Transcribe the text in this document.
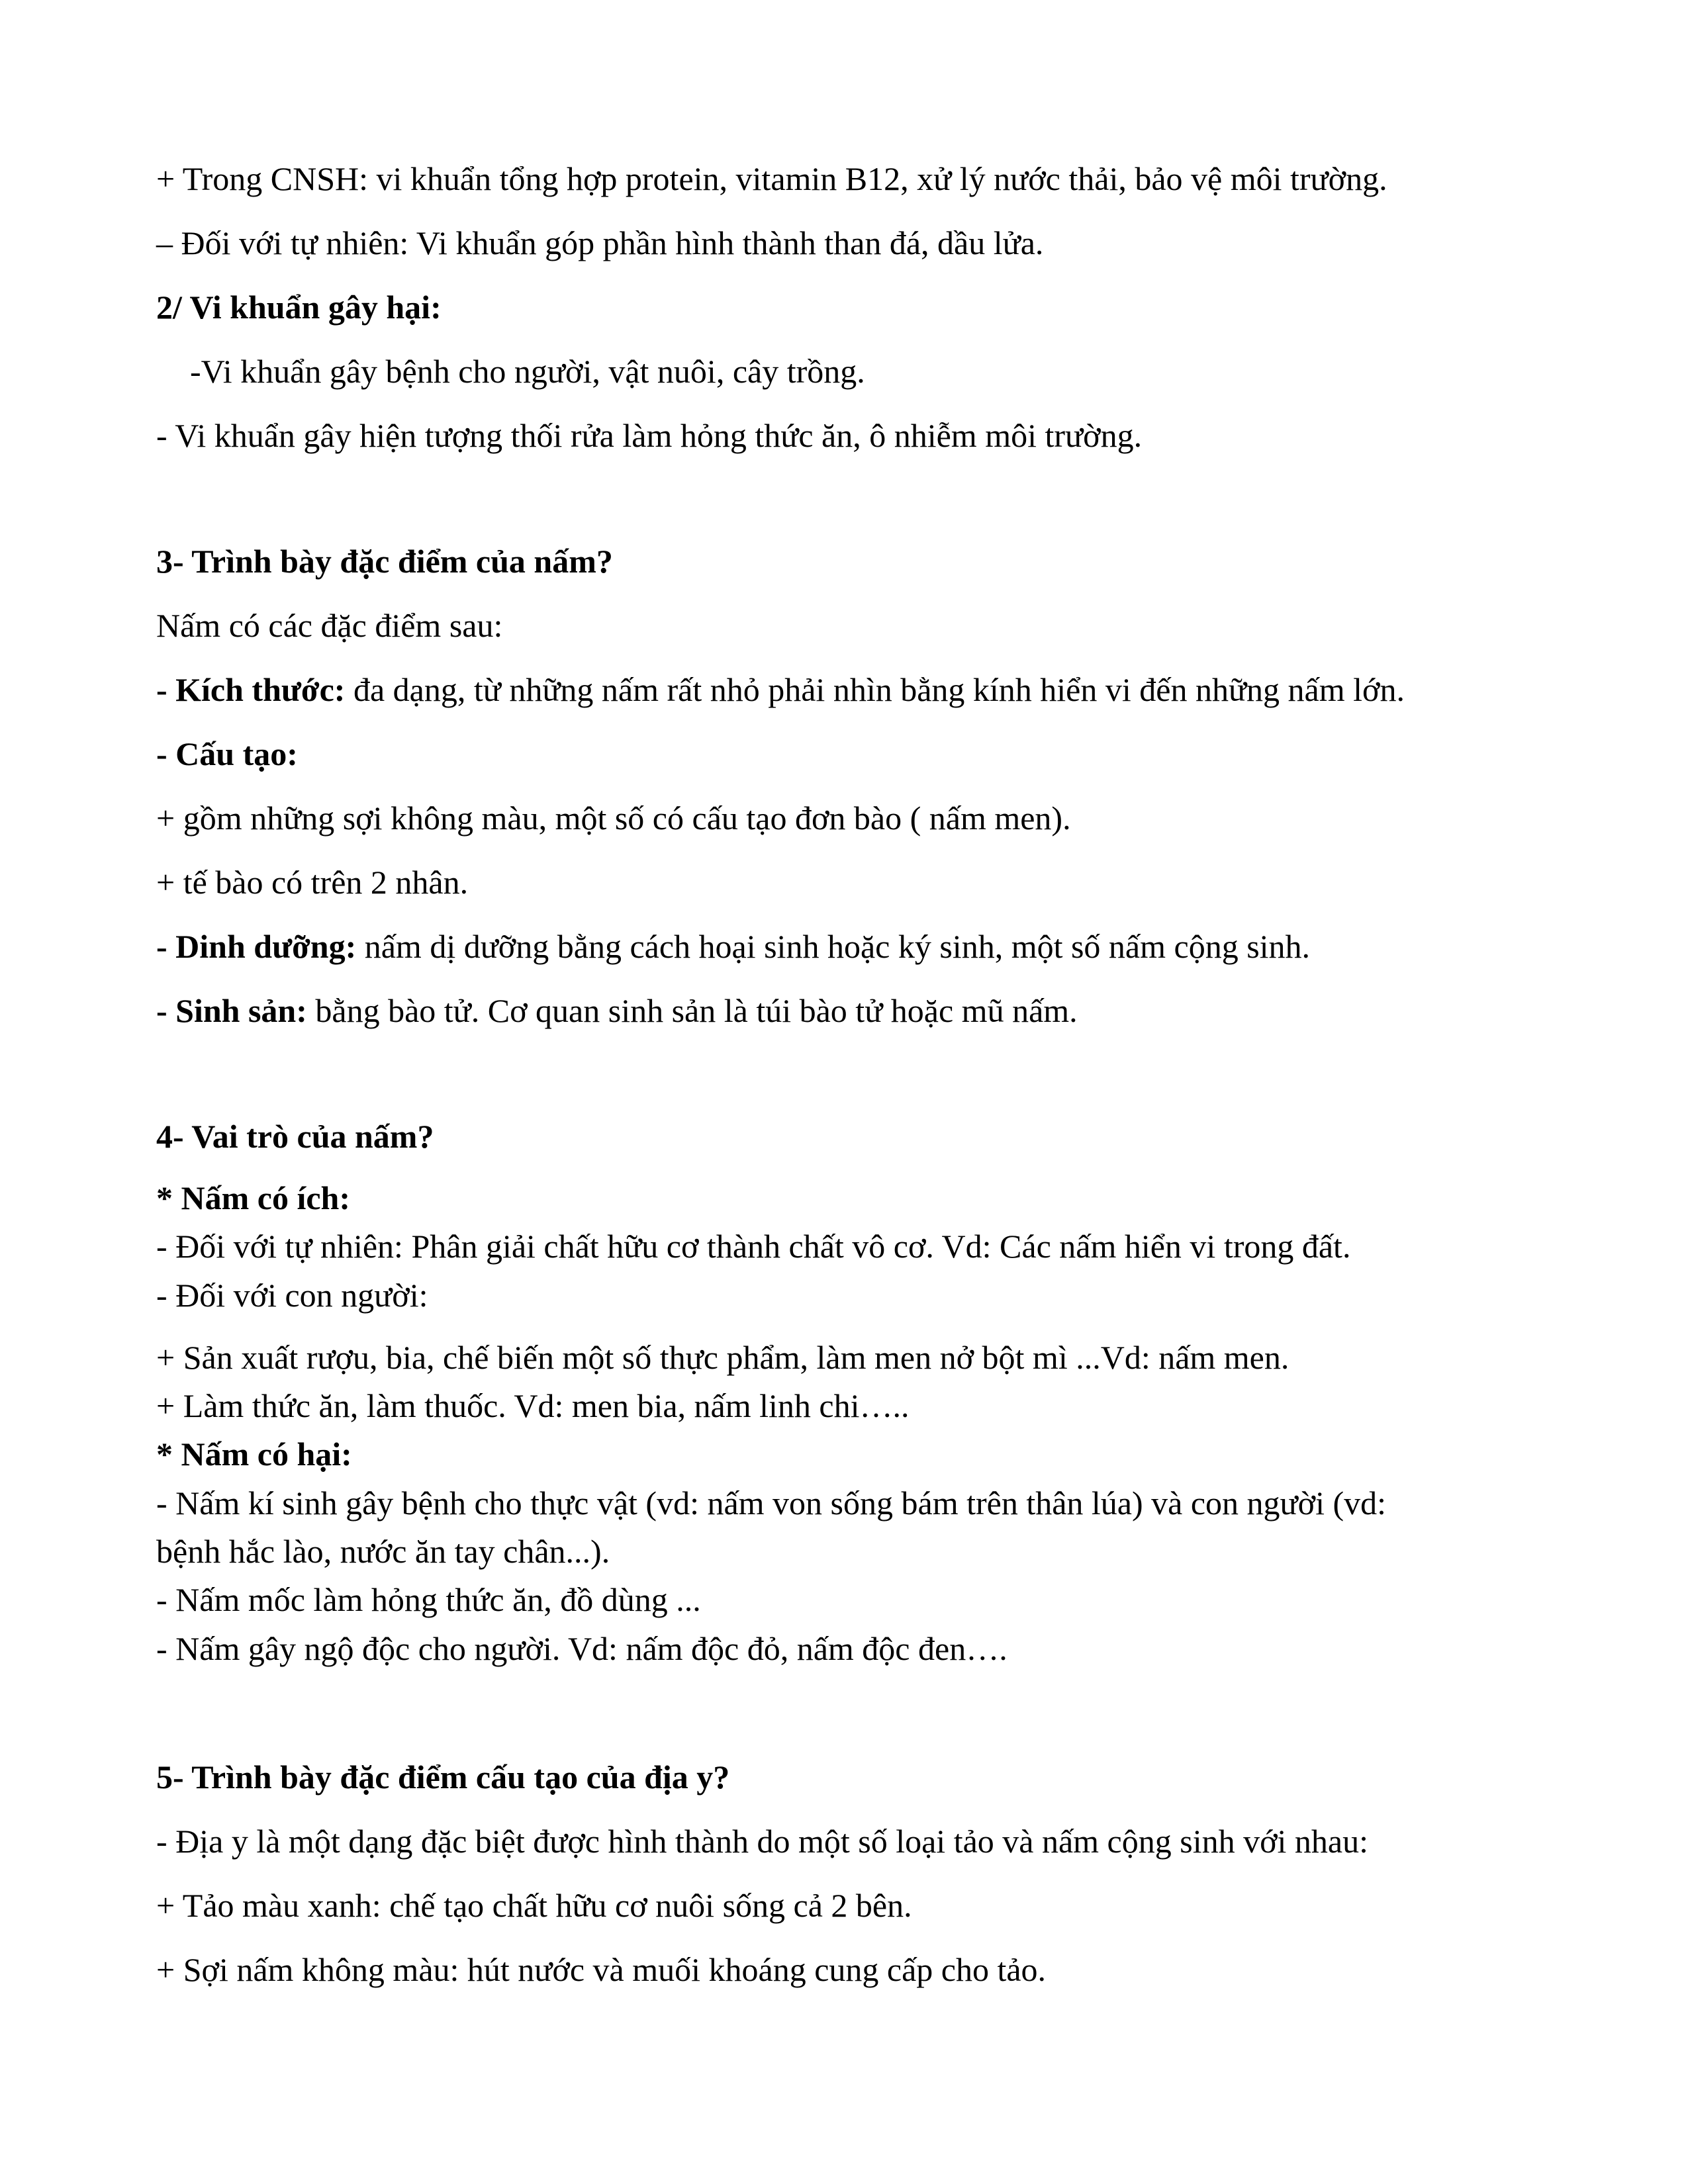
+ Trong CNSH: vi khuẩn tổng hợp protein, vitamin B12, xử lý nước thải, bảo vệ môi trường.

– Đối với tự nhiên: Vi khuẩn góp phần hình thành than đá, dầu lửa.

2/ Vi khuẩn gây hại:

-Vi khuẩn gây bệnh cho người, vật nuôi, cây trồng.

- Vi khuẩn gây hiện tượng thối rửa làm hỏng thức ăn, ô nhiễm môi trường.

3- Trình bày đặc điểm của nấm?

Nấm có các đặc điểm sau:

- Kích thước: đa dạng, từ những nấm rất nhỏ phải nhìn bằng kính hiển vi đến những nấm lớn.

- Cấu tạo:

+ gồm những sợi không màu, một số có cấu tạo đơn bào ( nấm men).

+ tế bào có trên 2 nhân.

- Dinh dưỡng: nấm dị dưỡng bằng cách hoại sinh hoặc ký sinh, một số nấm cộng sinh.

- Sinh sản: bằng bào tử. Cơ quan sinh sản là túi bào tử hoặc mũ nấm.

4- Vai trò của nấm?

* Nấm có ích:

- Đối với tự nhiên: Phân giải chất hữu cơ thành chất vô cơ. Vd: Các nấm hiển vi trong đất.

- Đối với con người:

+ Sản xuất rượu, bia, chế biến một số thực phẩm, làm men nở bột mì ...Vd: nấm men.

+ Làm thức ăn, làm thuốc. Vd: men bia, nấm linh chi…..

* Nấm có hại:

- Nấm kí sinh gây bệnh cho thực vật (vd: nấm von sống bám trên thân lúa) và con người (vd:

bệnh hắc lào, nước ăn tay chân...).

- Nấm mốc làm hỏng thức ăn, đồ dùng ...

- Nấm gây ngộ độc cho người. Vd: nấm độc đỏ, nấm độc đen….

5- Trình bày đặc điểm cấu tạo của địa y?

- Địa y là một dạng đặc biệt được hình thành do một số loại tảo và nấm cộng sinh với nhau:

+ Tảo màu xanh: chế tạo chất hữu cơ nuôi sống cả 2 bên.

+ Sợi nấm không màu: hút nước và muối khoáng cung cấp cho tảo.
